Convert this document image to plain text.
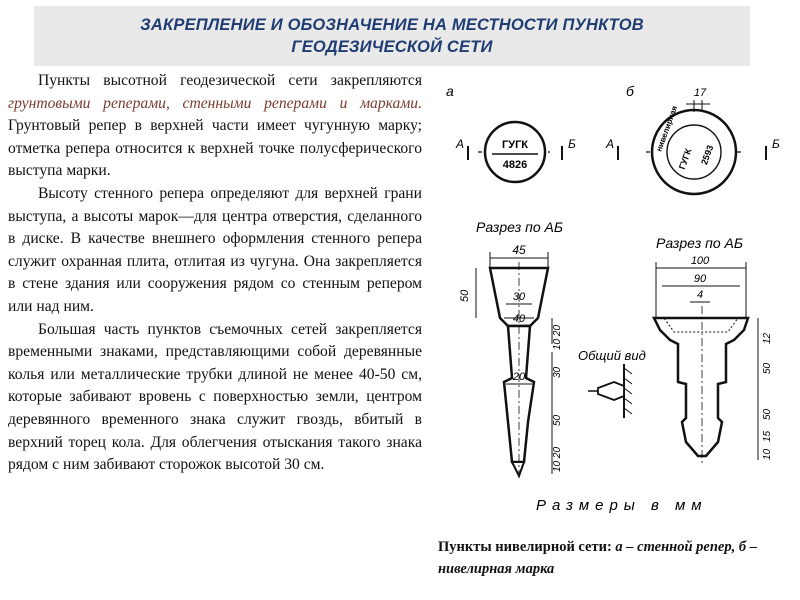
ЗАКРЕПЛЕНИЕ И ОБОЗНАЧЕНИЕ НА МЕСТНОСТИ ПУНКТОВ
ГЕОДЕЗИЧЕСКОЙ СЕТИ

Пункты высотной геодезической сети закрепляются грунтовыми реперами, стенными реперами и марками. Грунтовый репер в верхней части имеет чугунную марку; отметка репера относится к верхней точке полусферического выступа марки.

Высоту стенного репера определяют для верхней грани выступа, а высоты марок—для центра отверстия, сделанного в диске. В качестве внешнего оформления стенного репера служит охранная плита, отлитая из чугуна. Она закрепляется в стене здания или сооружения рядом со стенным репером или над ним.

Большая часть пунктов съемочных сетей закрепляется временными знаками, представляющими собой деревянные колья или металлические трубки длиной не менее 40-50 см, которые забивают вровень с поверхностью земли, центром деревянного временного знака служит гвоздь, вбитый в верхний торец кола. Для облегчения отыскания такого знака рядом с ним забивают сторожок высотой 30 см.

а	б
А	Б
ГУГК
4826
А	Б
нивелирная
ГУГК 2593
17
Разрез по АБ
Разрез по АБ
45
30
40
50
10 20
20	30
50
10 20
Общий вид
100
90
4
12
50
50
15
10
Размеры в мм
Пункты нивелирной сети: а – стенной репер, б – нивелирная марка
